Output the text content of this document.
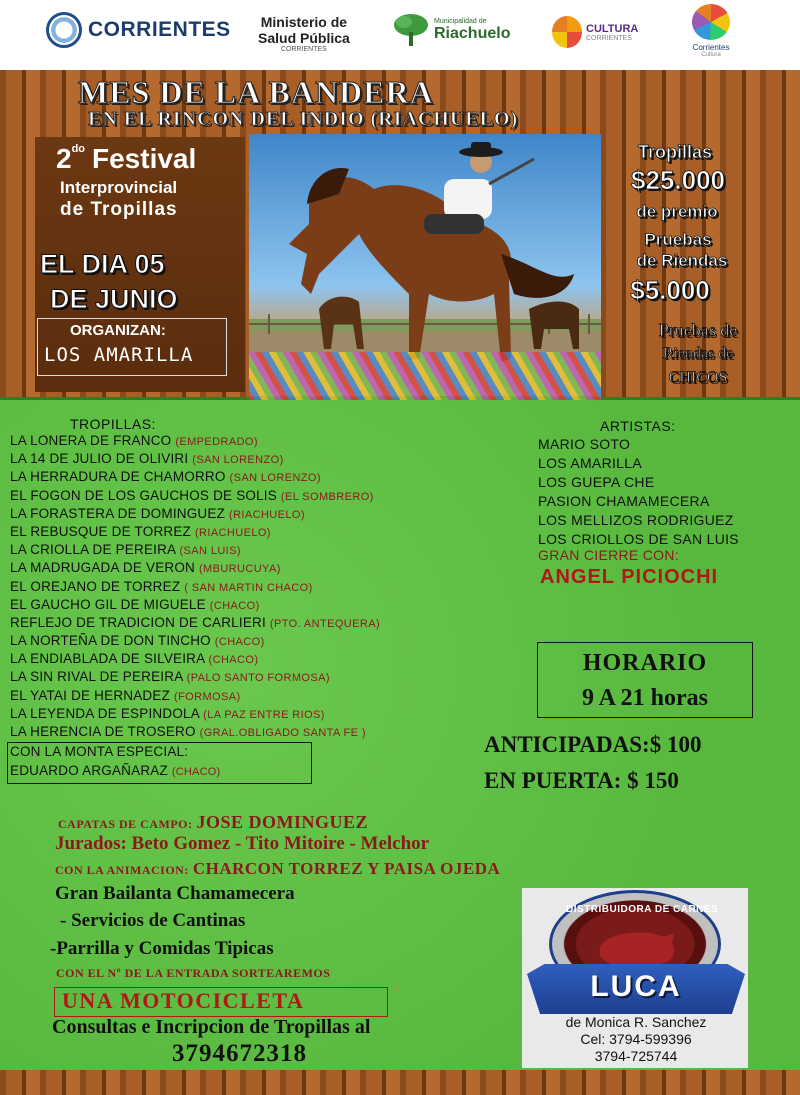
CORRIENTES Ministerio de
Salud Pública
CORRIENTES
Municipalidad de
Riachuelo	CULTURA
CORRIENTES
Corrientes
Cultura
MES DE LA BANDERA
EN EL RINCON DEL INDIO (RIACHUELO)
$2^{do}$ Festival
Interprovincial
de Tropillas
EL DIA 05
DE JUNIO
ORGANIZAN:
LOS AMARILLA
Tropillas
$25.000
de premio
Pruebas
de Riendas
$5.000
Pruebas de
Riendas de
CHICOS
TROPILLAS:
LA LONERA DE FRANCO (EMPEDRADO)
LA 14 DE JULIO DE OLIVIRI (SAN LORENZO)
LA HERRADURA DE CHAMORRO (SAN LORENZO)
EL FOGON DE LOS GAUCHOS DE SOLIS (EL SOMBRERO)
LA FORASTERA DE DOMINGUEZ (RIACHUELO)
EL REBUSQUE DE TORREZ (RIACHUELO)
LA CRIOLLA DE PEREIRA (SAN LUIS)
LA MADRUGADA DE VERON (MBURUCUYA)
EL OREJANO DE TORREZ ( SAN MARTIN CHACO)
EL GAUCHO GIL DE MIGUELE (CHACO)
REFLEJO DE TRADICION DE CARLIERI (PTO. ANTEQUERA)
LA NORTEÑA DE DON TINCHO (CHACO)
LA ENDIABLADA DE SILVEIRA (CHACO)
LA SIN RIVAL DE PEREIRA (PALO SANTO FORMOSA)
EL YATAI DE HERNADEZ (FORMOSA)
LA LEYENDA DE ESPINDOLA (LA PAZ ENTRE RIOS)
LA HERENCIA DE TROSERO (GRAL.OBLIGADO SANTA FE )
CON LA MONTA ESPECIAL:
EDUARDO ARGAÑARAZ (CHACO)
ARTISTAS:
MARIO SOTO
LOS AMARILLA
LOS GUEPA CHE
PASION CHAMAMECERA
LOS MELLIZOS RODRIGUEZ
LOS CRIOLLOS DE SAN LUIS
GRAN CIERRE CON:
ANGEL PICIOCHI
HORARIO
9 A 21 horas
ANTICIPADAS:$ 100
EN PUERTA: $ 150
CAPATAS DE CAMPO: JOSE DOMINGUEZ
Jurados: Beto Gomez - Tito Mitoire - Melchor
CON LA ANIMACION: CHARCON TORREZ Y PAISA OJEDA
Gran Bailanta Chamamecera
- Servicios de Cantinas
-Parrilla y Comidas Tipicas
CON EL Nº DE LA ENTRADA SORTEAREMOS
UNA MOTOCICLETA
Consultas e Incripcion de Tropillas al
3794672318
DISTRIBUIDORA DE CARNES
LUCA
de Monica R. Sanchez
Cel: 3794-599396
3794-725744
